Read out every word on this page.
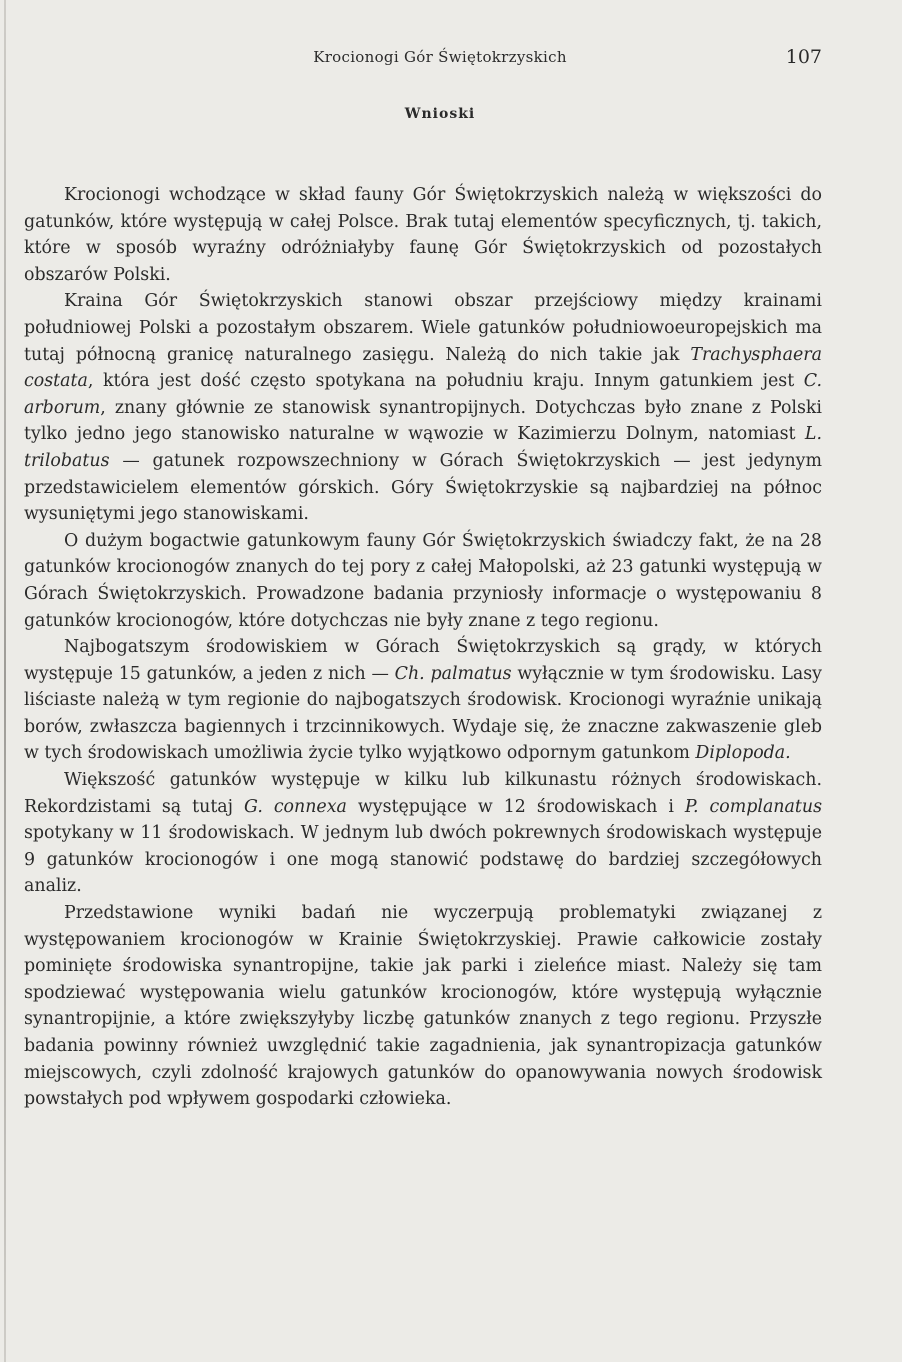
Krocionogi Gór Świętokrzyskich	107
Wnioski

Krocionogi wchodzące w skład fauny Gór Świętokrzyskich należą w większości do gatunków, które występują w całej Polsce. Brak tutaj elementów specyficznych, tj. takich, które w sposób wyraźny odróżniałyby faunę Gór Świętokrzyskich od pozostałych obszarów Polski.

Kraina Gór Świętokrzyskich stanowi obszar przejściowy między krainami południowej Polski a pozostałym obszarem. Wiele gatunków południowoeuropejskich ma tutaj północną granicę naturalnego zasięgu. Należą do nich takie jak Trachysphaera costata, która jest dość często spotykana na południu kraju. Innym gatunkiem jest C. arborum, znany głównie ze stanowisk synantropijnych. Dotychczas było znane z Polski tylko jedno jego stanowisko naturalne w wąwozie w Kazimierzu Dolnym, natomiast L. trilobatus — gatunek rozpowszechniony w Górach Świętokrzyskich — jest jedynym przedstawicielem elementów górskich. Góry Świętokrzyskie są najbardziej na północ wysuniętymi jego stanowiskami.

O dużym bogactwie gatunkowym fauny Gór Świętokrzyskich świadczy fakt, że na 28 gatunków krocionogów znanych do tej pory z całej Małopolski, aż 23 gatunki występują w Górach Świętokrzyskich. Prowadzone badania przyniosły informacje o występowaniu 8 gatunków krocionogów, które dotychczas nie były znane z tego regionu.

Najbogatszym środowiskiem w Górach Świętokrzyskich są grądy, w których występuje 15 gatunków, a jeden z nich — Ch. palmatus wyłącznie w tym środowisku. Lasy liściaste należą w tym regionie do najbogatszych środowisk. Krocionogi wyraźnie unikają borów, zwłaszcza bagiennych i trzcinnikowych. Wydaje się, że znaczne zakwaszenie gleb w tych środowiskach umożliwia życie tylko wyjątkowo odpornym gatunkom Diplopoda.

Większość gatunków występuje w kilku lub kilkunastu różnych środowiskach. Rekordzistami są tutaj G. connexa występujące w 12 środowiskach i P. complanatus spotykany w 11 środowiskach. W jednym lub dwóch pokrewnych środowiskach występuje 9 gatunków krocionogów i one mogą stanowić podstawę do bardziej szczegółowych analiz.

Przedstawione wyniki badań nie wyczerpują problematyki związanej z występowaniem krocionogów w Krainie Świętokrzyskiej. Prawie całkowicie zostały pominięte środowiska synantropijne, takie jak parki i zieleńce miast. Należy się tam spodziewać występowania wielu gatunków krocionogów, które występują wyłącznie synantropijnie, a które zwiększyłyby liczbę gatunków znanych z tego regionu. Przyszłe badania powinny również uwzględnić takie zagadnienia, jak synantropizacja gatunków miejscowych, czyli zdolność krajowych gatunków do opanowywania nowych środowisk powstałych pod wpływem gospodarki człowieka.
